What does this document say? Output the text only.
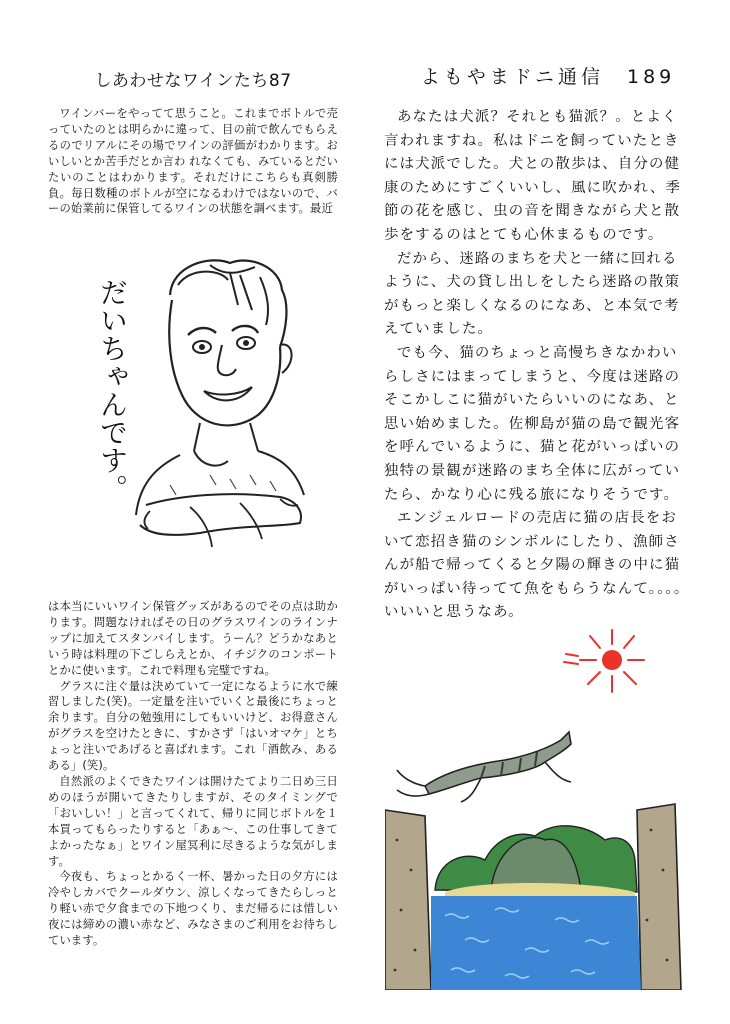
しあわせなワインたち87

ワインバーをやってて思うこと。これまでボトルで売っていたのとは明らかに違って、目の前で飲んでもらえるのでリアルにその場でワインの評価がわかります。おいしいとか苦手だとか言わ れなくても、みているとだいたいのことはわかります。それだけにこちらも真剣勝負。毎日数種のボトルが空になるわけではないので、バーの始業前に保管してるワインの状態を調べます。最近

だいちゃんです。

は本当にいいワイン保管グッズがあるのでその点は助かります。問題なければその日のグラスワインのラインナップに加えてスタンバイします。うーん？どうかなあという時は料理の下ごしらえとか、イチジクのコンポートとかに使います。これで料理も完璧ですね。

グラスに注ぐ量は決めていて一定になるように水で練習しました(笑)。一定量を注いでいくと最後にちょっと余ります。自分の勉強用にしてもいいけど、お得意さんがグラスを空けたときに、すかさず「はいオマケ」とちょっと注いであげると喜ばれます。これ「酒飲み、あるある」(笑)。

自然派のよくできたワインは開けたてより二日め三日めのほうが開いてきたりしますが、そのタイミングで「おいしい！」と言ってくれて、帰りに同じボトルを１本買ってもらったりすると「あぁ〜、この仕事してきてよかったなぁ」とワイン屋冥利に尽きるような気がします。

今夜も、ちょっとかるく一杯、暑かった日の夕方には冷やしカバでクールダウン、涼しくなってきたらしっとり軽い赤で夕食までの下地つくり、まだ帰るには惜しい夜には締めの濃い赤など、みなさまのご利用をお待ちしています。

よもやまドニ通信　189

あなたは犬派？それとも猫派？。とよく言われますね。私はドニを飼っていたときには犬派でした。犬との散歩は、自分の健康のためにすごくいいし、風に吹かれ、季節の花を感じ、虫の音を聞きながら犬と散歩をするのはとても心休まるものです。

だから、迷路のまちを犬と一緒に回れるように、犬の貸し出しをしたら迷路の散策がもっと楽しくなるのになあ、と本気で考えていました。

でも今、猫のちょっと高慢ちきなかわいらしさにはまってしまうと、今度は迷路のそこかしこに猫がいたらいいのになあ、と思い始めました。佐柳島が猫の島で観光客を呼んでいるように、猫と花がいっぱいの独特の景観が迷路のまち全体に広がっていたら、かなり心に残る旅になりそうです。

エンジェルロードの売店に猫の店長をおいて恋招き猫のシンボルにしたり、漁師さんが船で帰ってくると夕陽の輝きの中に猫がいっぱい待ってて魚をもらうなんて。。。。いいいと思うなあ。
